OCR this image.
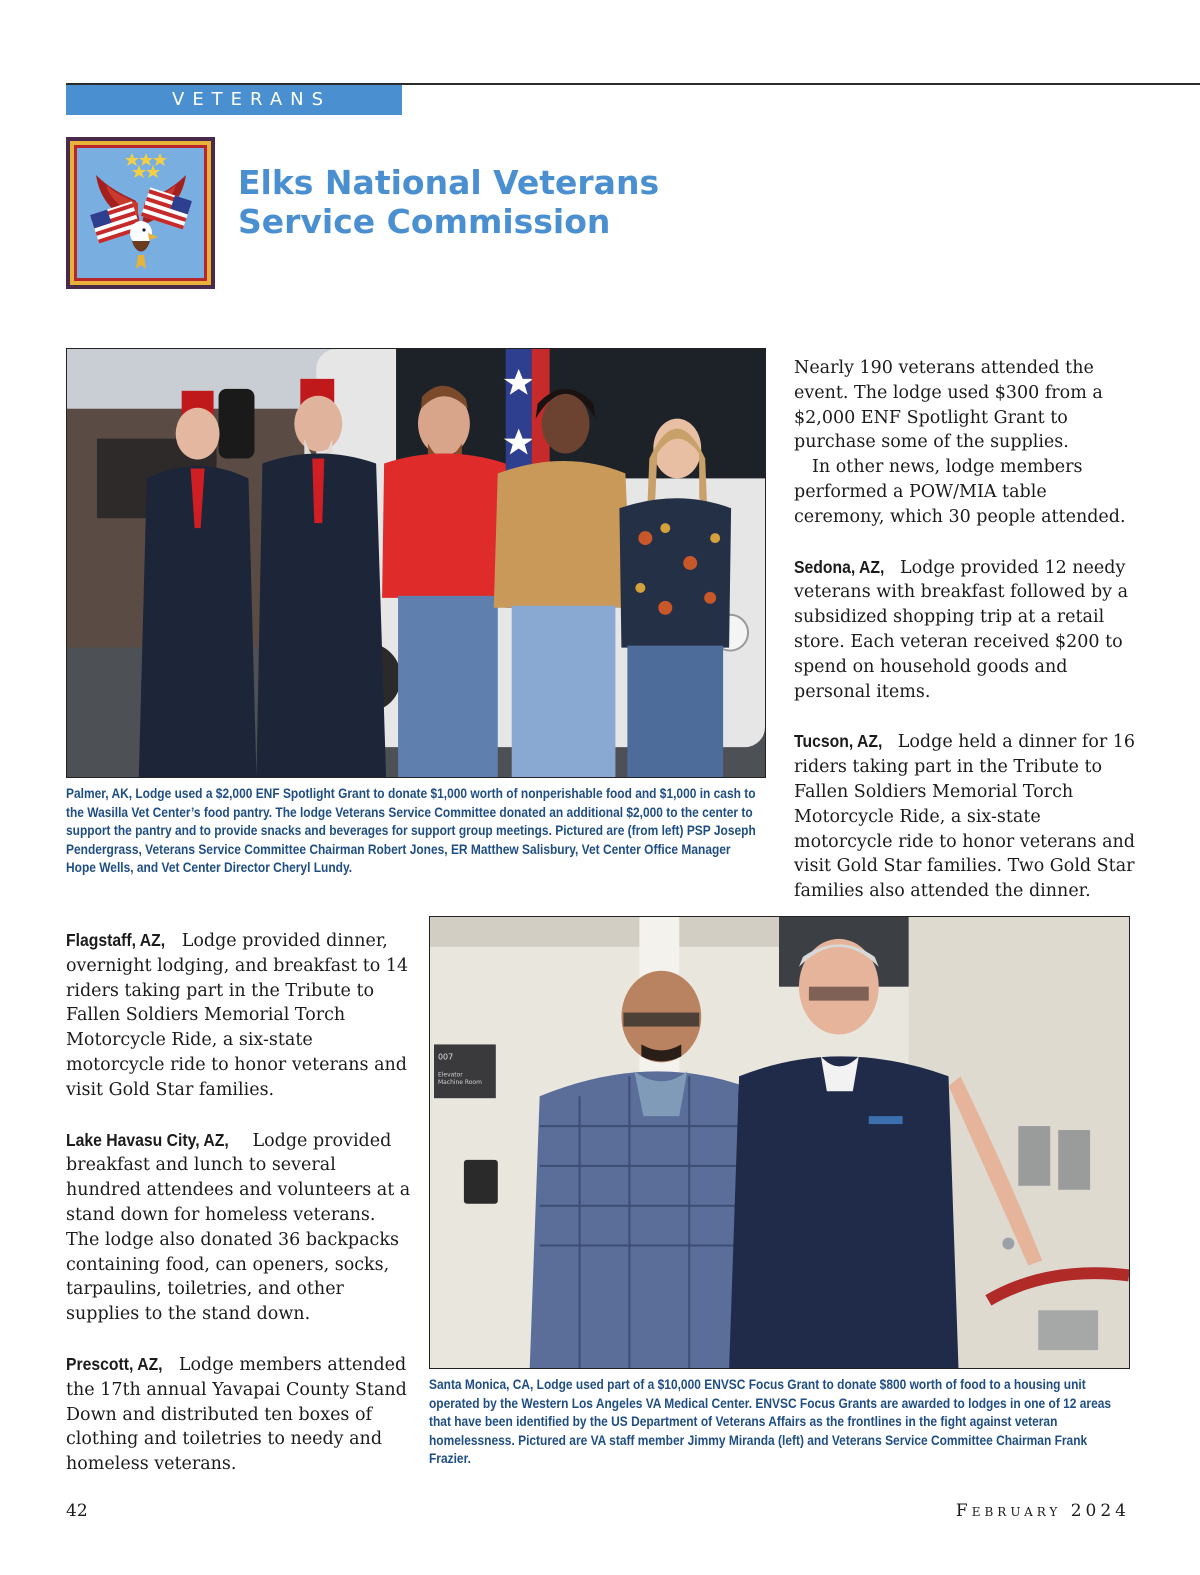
VETERANS
Elks National Veterans
Service Commission

Palmer, AK, Lodge used a $2,000 ENF Spotlight Grant to donate $1,000 worth of nonperishable food and $1,000 in cash to the Wasilla Vet Center’s food pantry. The lodge Veterans Service Committee donated an additional $2,000 to the center to support the pantry and to provide snacks and beverages for support group meetings. Pictured are (from left) PSP Joseph Pendergrass, Veterans Service Committee Chairman Robert Jones, ER Matthew Salisbury, Vet Center Office Manager Hope Wells, and Vet Center Director Cheryl Lundy.

Nearly 190 veterans attended the event. The lodge used $300 from a $2,000 ENF Spotlight Grant to purchase some of the supplies.

In other news, lodge members performed a POW/MIA table ceremony, which 30 people attended.

Sedona, AZ, Lodge provided 12 needy veterans with breakfast followed by a subsidized shopping trip at a retail store. Each veteran received $200 to spend on household goods and personal items.

Tucson, AZ, Lodge held a dinner for 16 riders taking part in the Tribute to Fallen Soldiers Memorial Torch Motorcycle Ride, a six-state motorcycle ride to honor veterans and visit Gold Star families. Two Gold Star families also attended the dinner.

Flagstaff, AZ, Lodge provided dinner, overnight lodging, and breakfast to 14 riders taking part in the Tribute to Fallen Soldiers Memorial Torch Motorcycle Ride, a six-state motorcycle ride to honor veterans and visit Gold Star families.

Lake Havasu City, AZ, Lodge provided breakfast and lunch to several hundred attendees and volunteers at a stand down for homeless veterans. The lodge also donated 36 backpacks containing food, can openers, socks, tarpaulins, toiletries, and other supplies to the stand down.

Prescott, AZ, Lodge members attended the 17th annual Yavapai County Stand Down and distributed ten boxes of clothing and toiletries to needy and homeless veterans.

007
Elevator
Machine Room

Santa Monica, CA, Lodge used part of a $10,000 ENVSC Focus Grant to donate $800 worth of food to a housing unit operated by the Western Los Angeles VA Medical Center. ENVSC Focus Grants are awarded to lodges in one of 12 areas that have been identified by the US Department of Veterans Affairs as the frontlines in the fight against veteran homelessness. Pictured are VA staff member Jimmy Miranda (left) and Veterans Service Committee Chairman Frank Frazier.

42	February 2024
